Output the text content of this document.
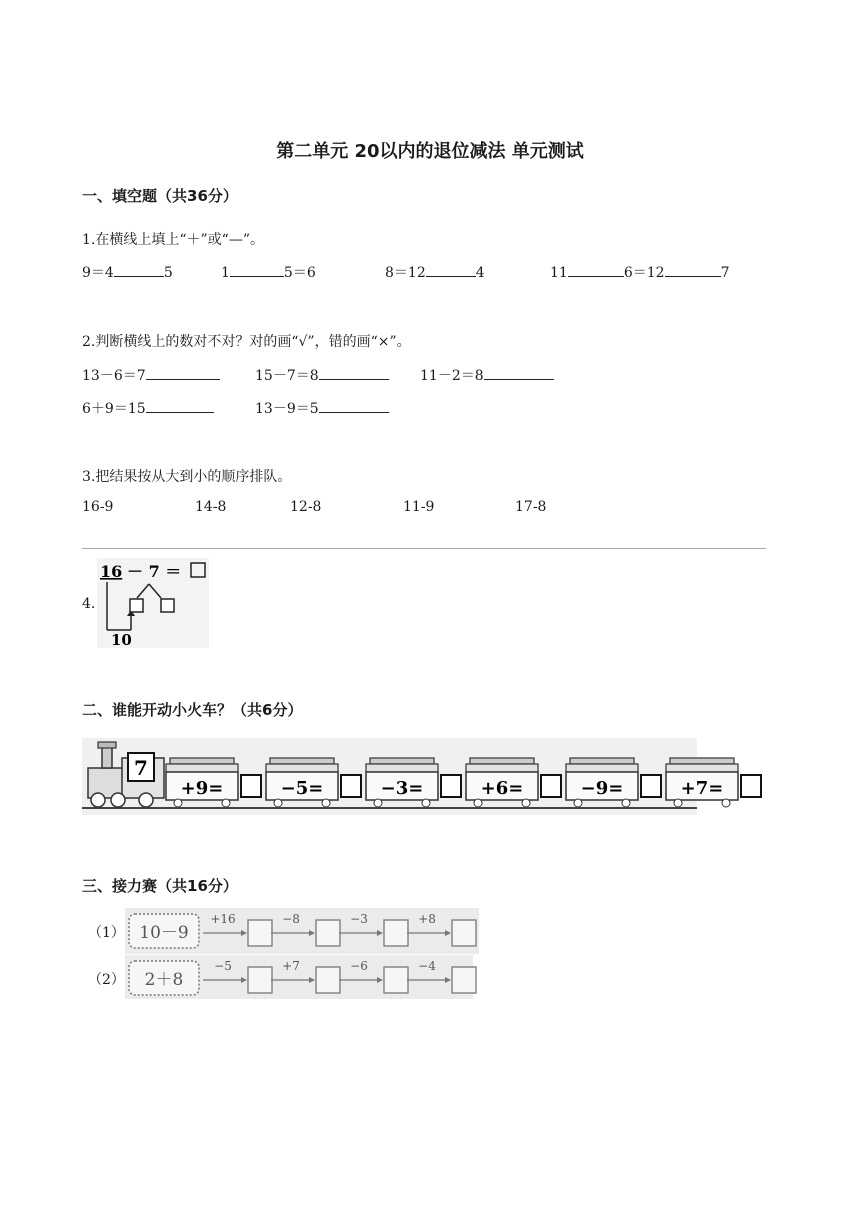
第二单元 20以内的退位减法 单元测试
一、填空题（共36分）
1.在横线上填上“＋”或“—”。
9＝4	5	1	5＝6	8＝12	4	11	6＝12	7
2.判断横线上的数对不对？对的画“√”，错的画“×”。
13－6＝7	15－7＝8	11－2＝8
6＋9＝15	13－9＝5
3.把结果按从大到小的顺序排队。
16-9	14-8	12-8	11-9	17-8
4.
16 － 7 ＝
10
二、谁能开动小火车？（共6分）
7
+9=	−5=	−3=	+6=	−9=	+7=
三、接力赛（共16分）
（1） 10－9
+16	−8	−3	+8
（2） 2＋8
−5	+7	−6	−4
